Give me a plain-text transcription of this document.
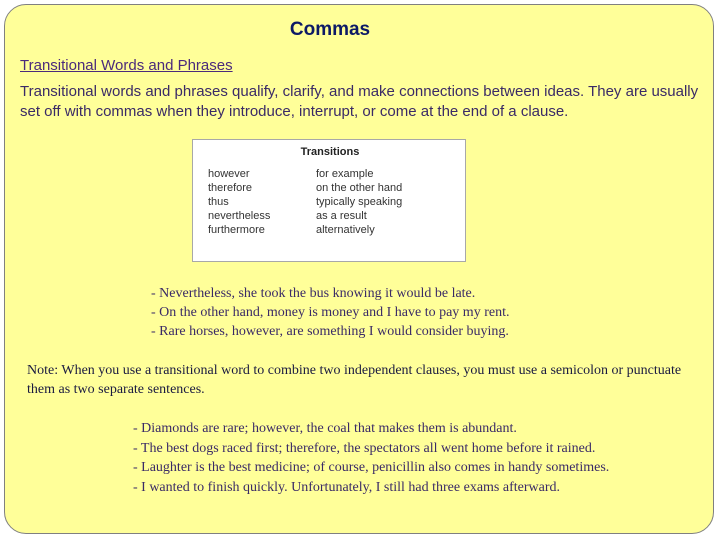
Commas
Transitional Words and Phrases
Transitional words and phrases qualify, clarify, and make connections between ideas. They are usually set off with commas when they introduce, interrupt, or come at the end of a clause.
Transitions
however
therefore
thus
nevertheless
furthermore
for example
on the other hand
typically speaking
as a result
alternatively
- Nevertheless, she took the bus knowing it would be late.
- On the other hand, money is money and I have to pay my rent.
- Rare horses, however, are something I would consider buying.
Note: When you use a transitional word to combine two independent clauses, you must use a semicolon or punctuate them as two separate sentences.
- Diamonds are rare; however, the coal that makes them is abundant.
- The best dogs raced first; therefore, the spectators all went home before it rained.
- Laughter is the best medicine; of course, penicillin also comes in handy sometimes.
- I wanted to finish quickly. Unfortunately, I still had three exams afterward.
